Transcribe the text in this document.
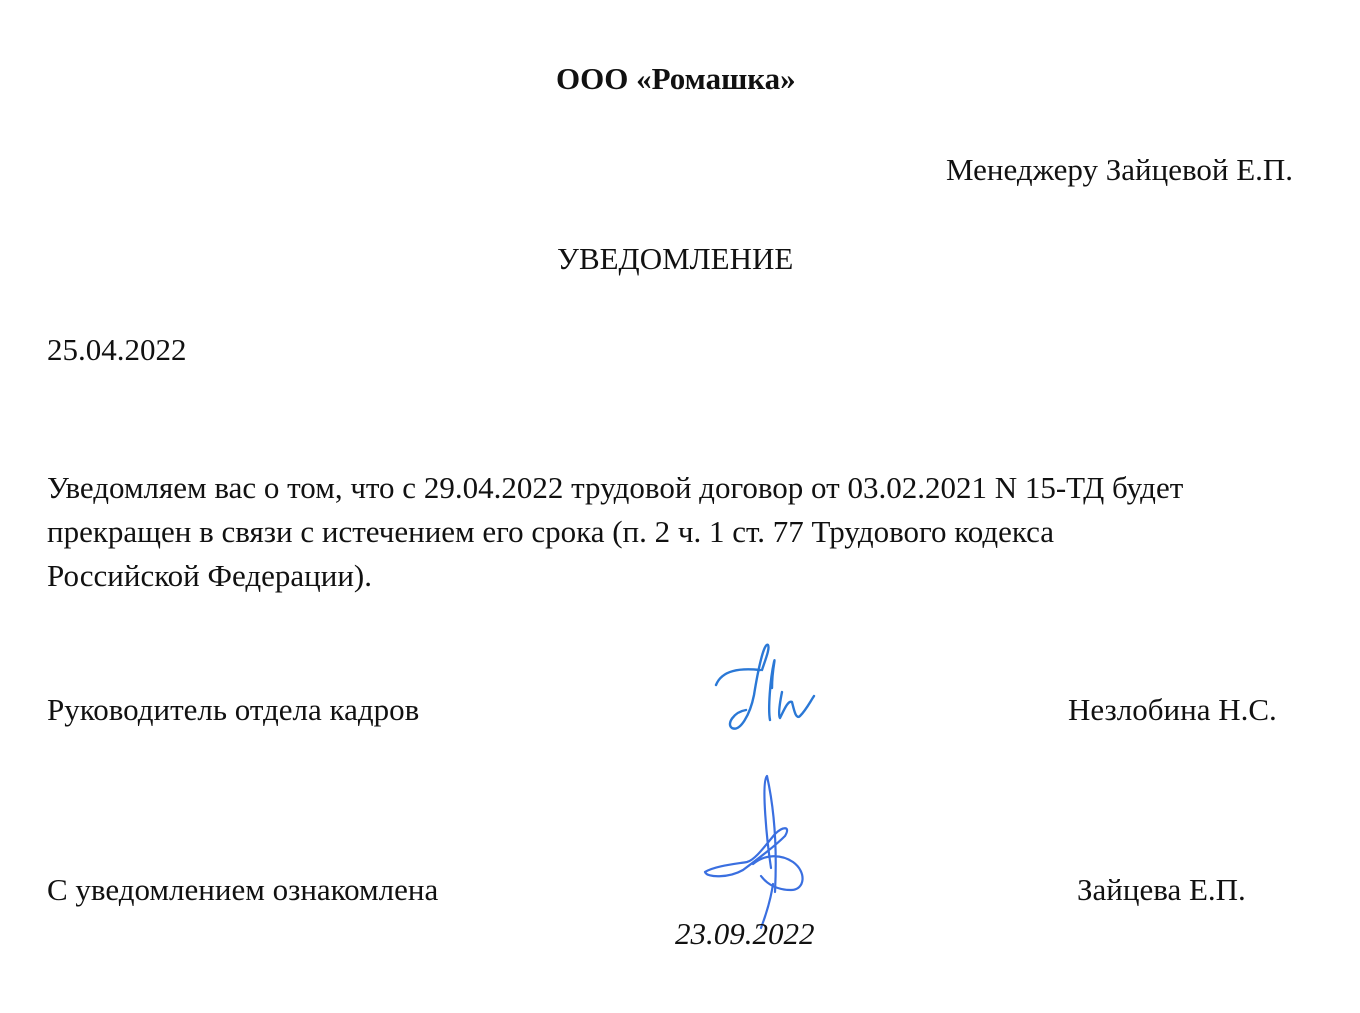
ООО «Ромашка»
Менеджеру Зайцевой Е.П.
УВЕДОМЛЕНИЕ
25.04.2022
Уведомляем вас о том, что с 29.04.2022 трудовой договор от 03.02.2021 N 15-ТД будет
прекращен в связи с истечением его срока (п. 2 ч. 1 ст. 77 Трудового кодекса
Российской Федерации).
Руководитель отдела кадров	Незлобина Н.С.
С уведомлением ознакомлена
23.09.2022
Зайцева Е.П.
